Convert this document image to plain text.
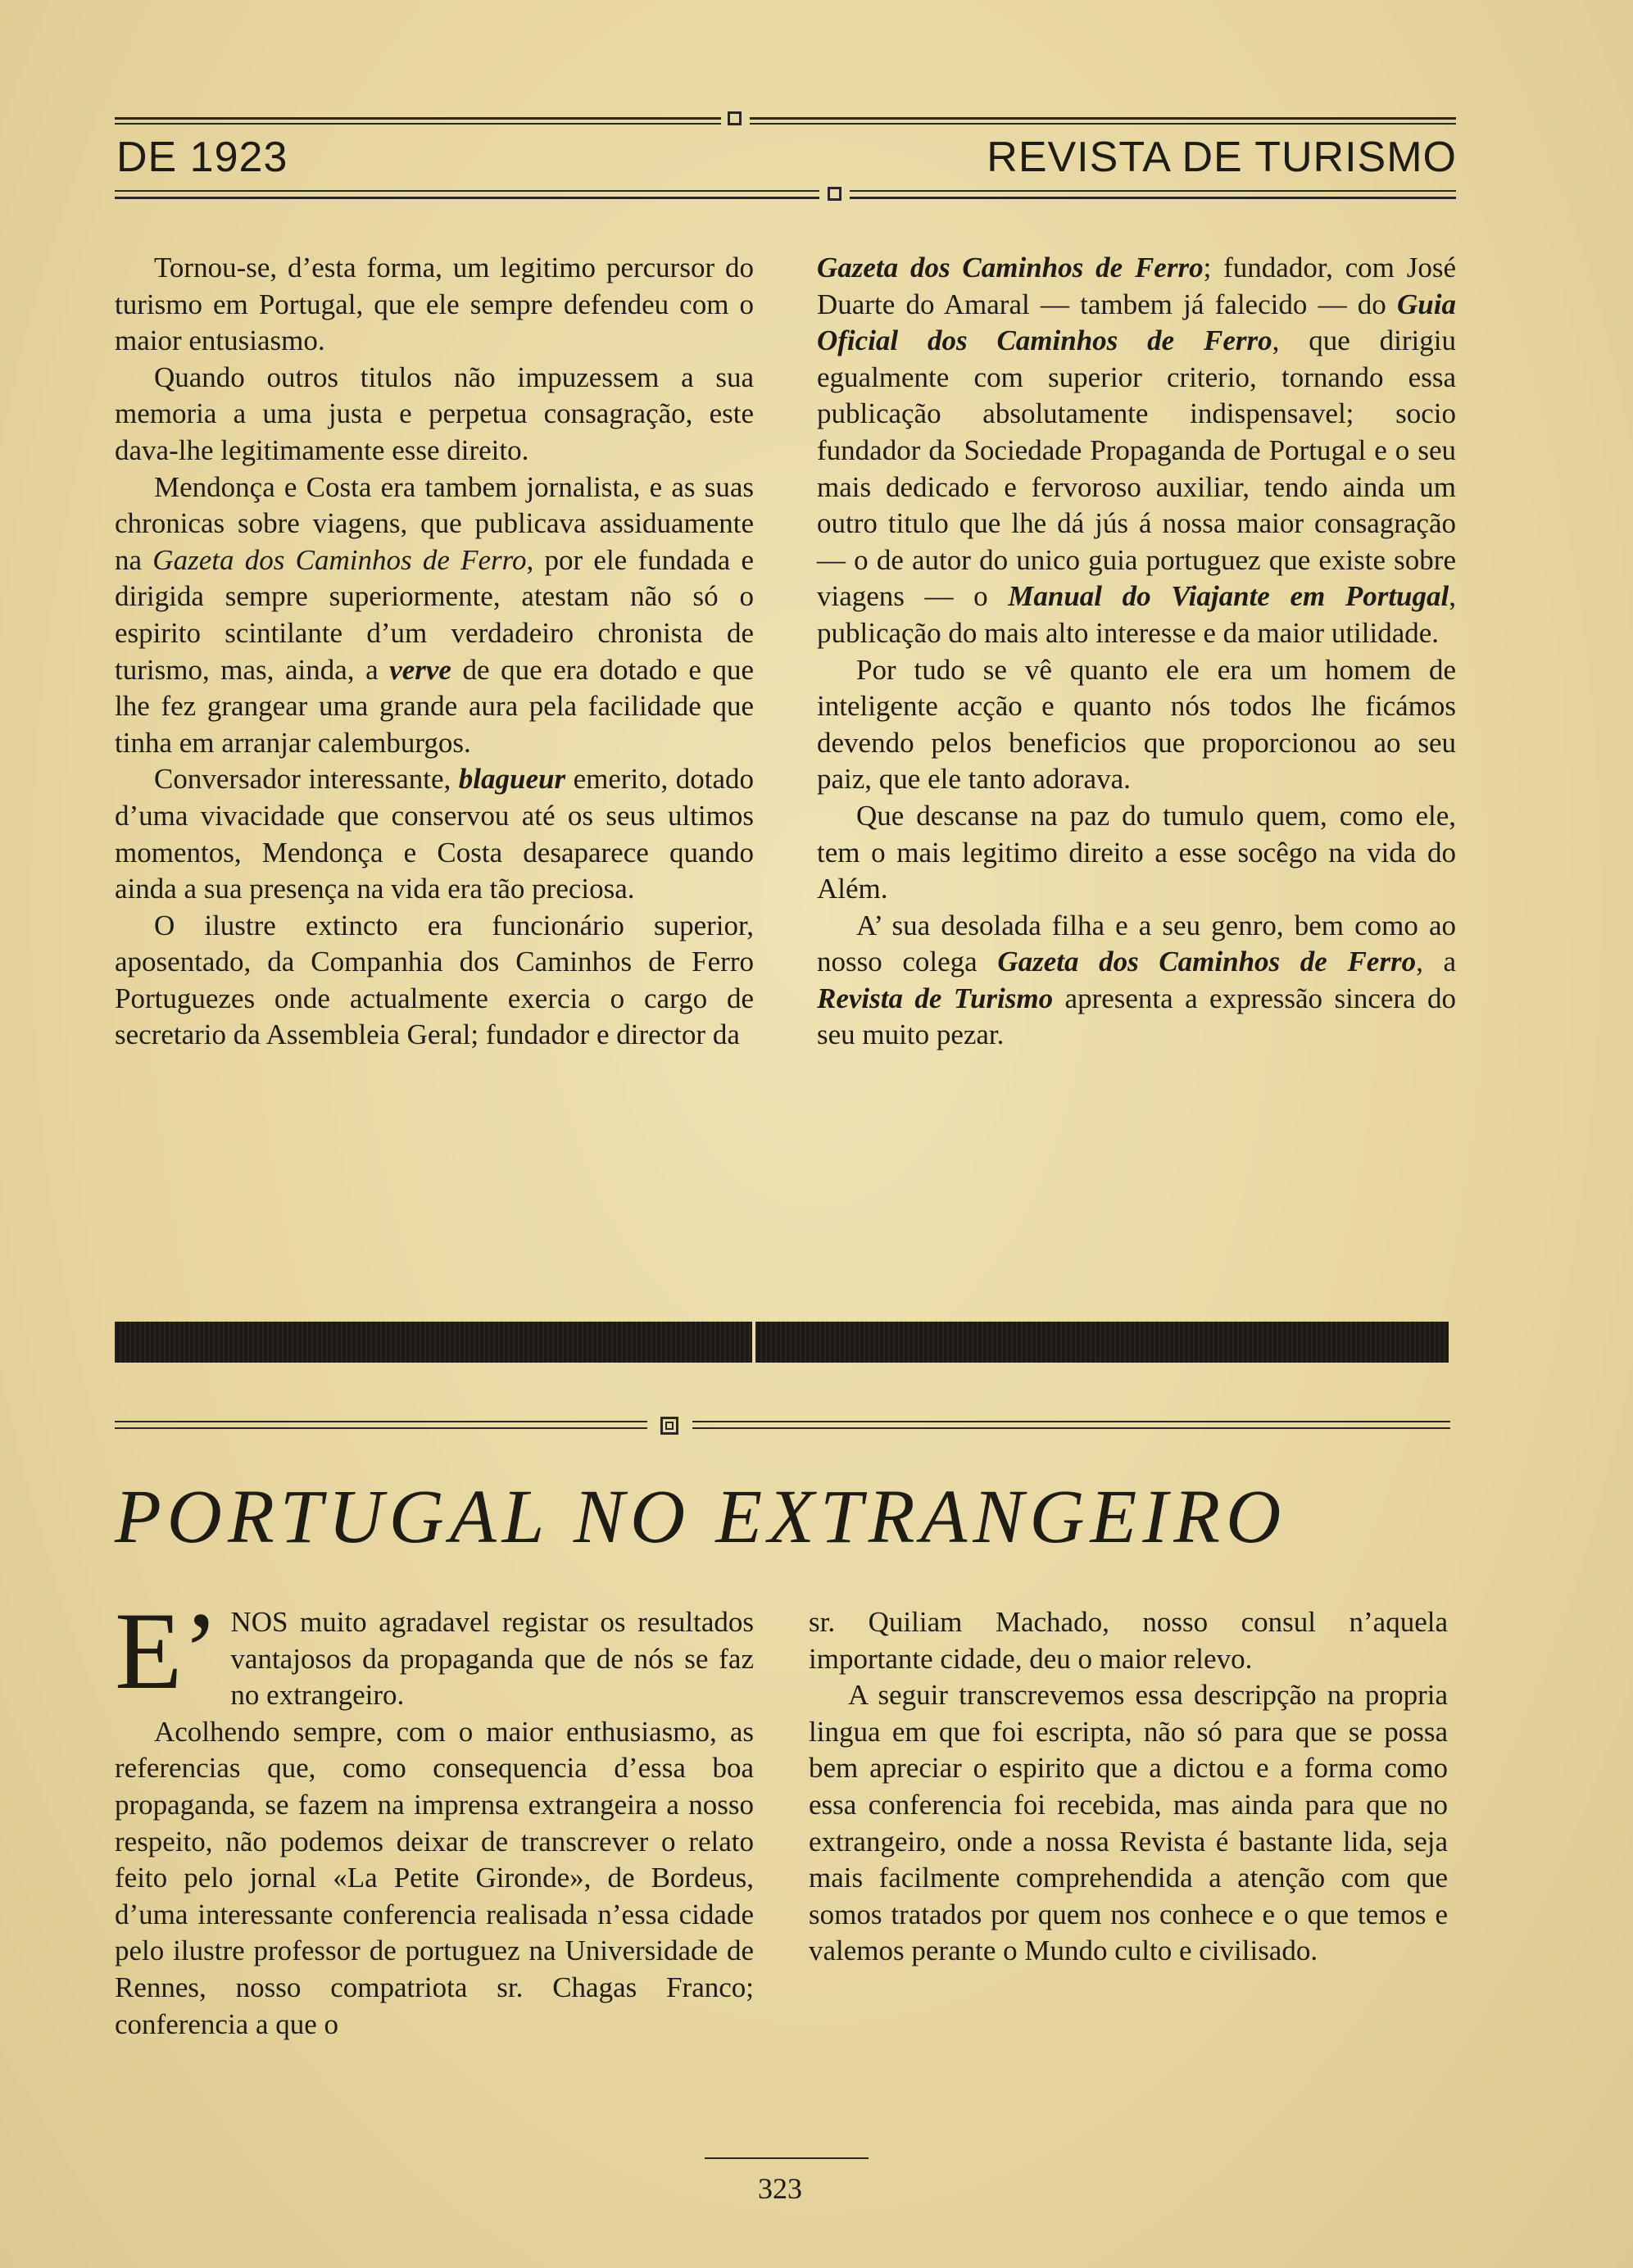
DE 1923	REVISTA DE TURISMO

Tornou-se, d’esta forma, um legitimo percursor do turismo em Portugal, que ele sempre defendeu com o maior entusiasmo.

Quando outros titulos não impuzessem a sua memoria a uma justa e perpetua consagração, este dava-lhe legitimamente esse direito.

Mendonça e Costa era tambem jornalista, e as suas chronicas sobre viagens, que publicava assiduamente na Gazeta dos Caminhos de Ferro, por ele fundada e dirigida sempre superiormente, atestam não só o espirito scintilante d’um verdadeiro chronista de turismo, mas, ainda, a verve de que era dotado e que lhe fez grangear uma grande aura pela facilidade que tinha em arranjar calemburgos.

Conversador interessante, blagueur emerito, dotado d’uma vivacidade que conservou até os seus ultimos momentos, Mendonça e Costa desaparece quando ainda a sua presença na vida era tão preciosa.

O ilustre extincto era funcionário superior, aposentado, da Companhia dos Caminhos de Ferro Portuguezes onde actualmente exercia o cargo de secretario da Assembleia Geral; fundador e director da

Gazeta dos Caminhos de Ferro; fundador, com José Duarte do Amaral — tambem já falecido — do Guia Oficial dos Caminhos de Ferro, que dirigiu egualmente com superior criterio, tornando essa publicação absolutamente indispensavel; socio fundador da Sociedade Propaganda de Portugal e o seu mais dedicado e fervoroso auxiliar, tendo ainda um outro titulo que lhe dá jús á nossa maior consagração — o de autor do unico guia portuguez que existe sobre viagens — o Manual do Viajante em Portugal, publicação do mais alto interesse e da maior utilidade.

Por tudo se vê quanto ele era um homem de inteligente acção e quanto nós todos lhe ficámos devendo pelos beneficios que proporcionou ao seu paiz, que ele tanto adorava.

Que descanse na paz do tumulo quem, como ele, tem o mais legitimo direito a esse socêgo na vida do Além.

A’ sua desolada filha e a seu genro, bem como ao nosso colega Gazeta dos Caminhos de Ferro, a Revista de Turismo apresenta a expressão sincera do seu muito pezar.

PORTUGAL NO EXTRANGEIRO

E’ NOS muito agradavel registar os resultados vantajosos da propaganda que de nós se faz no extrangeiro.

Acolhendo sempre, com o maior enthusiasmo, as referencias que, como consequencia d’essa boa propaganda, se fazem na imprensa extrangeira a nosso respeito, não podemos deixar de transcrever o relato feito pelo jornal «La Petite Gironde», de Bordeus, d’uma interessante conferencia realisada n’essa cidade pelo ilustre professor de portuguez na Universidade de Rennes, nosso compatriota sr. Chagas Franco; conferencia a que o

sr. Quiliam Machado, nosso consul n’aquela importante cidade, deu o maior relevo.

A seguir transcrevemos essa descripção na propria lingua em que foi escripta, não só para que se possa bem apreciar o espirito que a dictou e a forma como essa conferencia foi recebida, mas ainda para que no extrangeiro, onde a nossa Revista é bastante lida, seja mais facilmente comprehendida a atenção com que somos tratados por quem nos conhece e o que temos e valemos perante o Mundo culto e civilisado.

323
